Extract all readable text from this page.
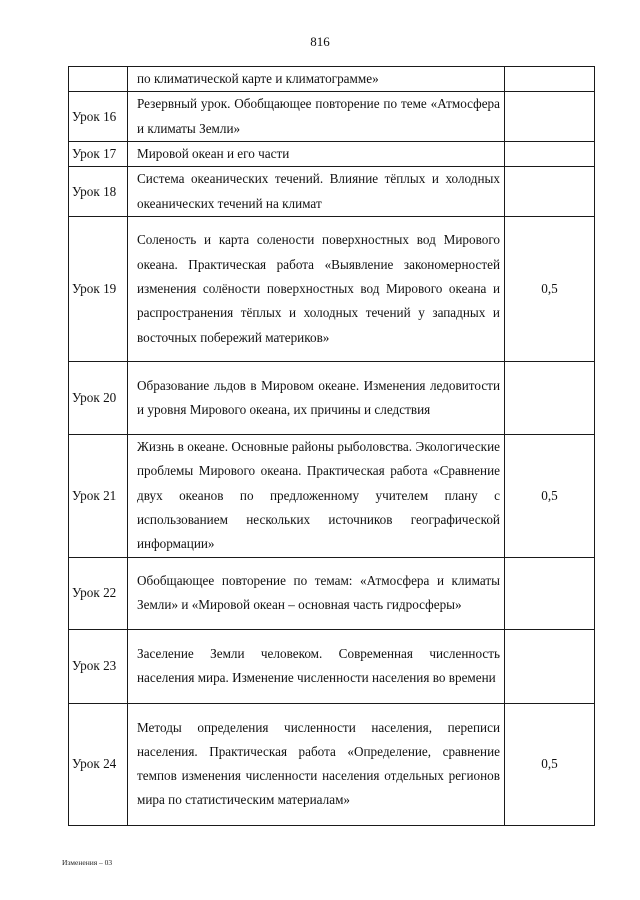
816
	по климатической карте и климатограмме»	
Урок 16	Резервный урок. Обобщающее повторение по теме «Атмосфера и климаты Земли»	
Урок 17	Мировой океан и его части	
Урок 18	Система океанических течений. Влияние тёплых и холодных океанических течений на климат	
Урок 19	Соленость и карта солености поверхностных вод Мирового океана. Практическая работа «Выявление закономерностей изменения солёности поверхностных вод Мирового океана и распространения тёплых и холодных течений у западных и восточных побережий материков»	0,5
Урок 20	Образование льдов в Мировом океане. Изменения ледовитости и уровня Мирового океана, их причины и следствия	
Урок 21	Жизнь в океане. Основные районы рыболовства. Экологические проблемы Мирового океана. Практическая работа «Сравнение двух океанов по предложенному учителем плану с использованием нескольких источников географической информации»	0,5
Урок 22	Обобщающее повторение по темам: «Атмосфера и климаты Земли» и «Мировой океан – основная часть гидросферы»	
Урок 23	Заселение Земли человеком. Современная численность населения мира. Изменение численности населения во времени	
Урок 24	Методы определения численности населения, переписи населения. Практическая работа «Определение, сравнение темпов изменения численности населения отдельных регионов мира по статистическим материалам»	0,5
Изменения – 03
